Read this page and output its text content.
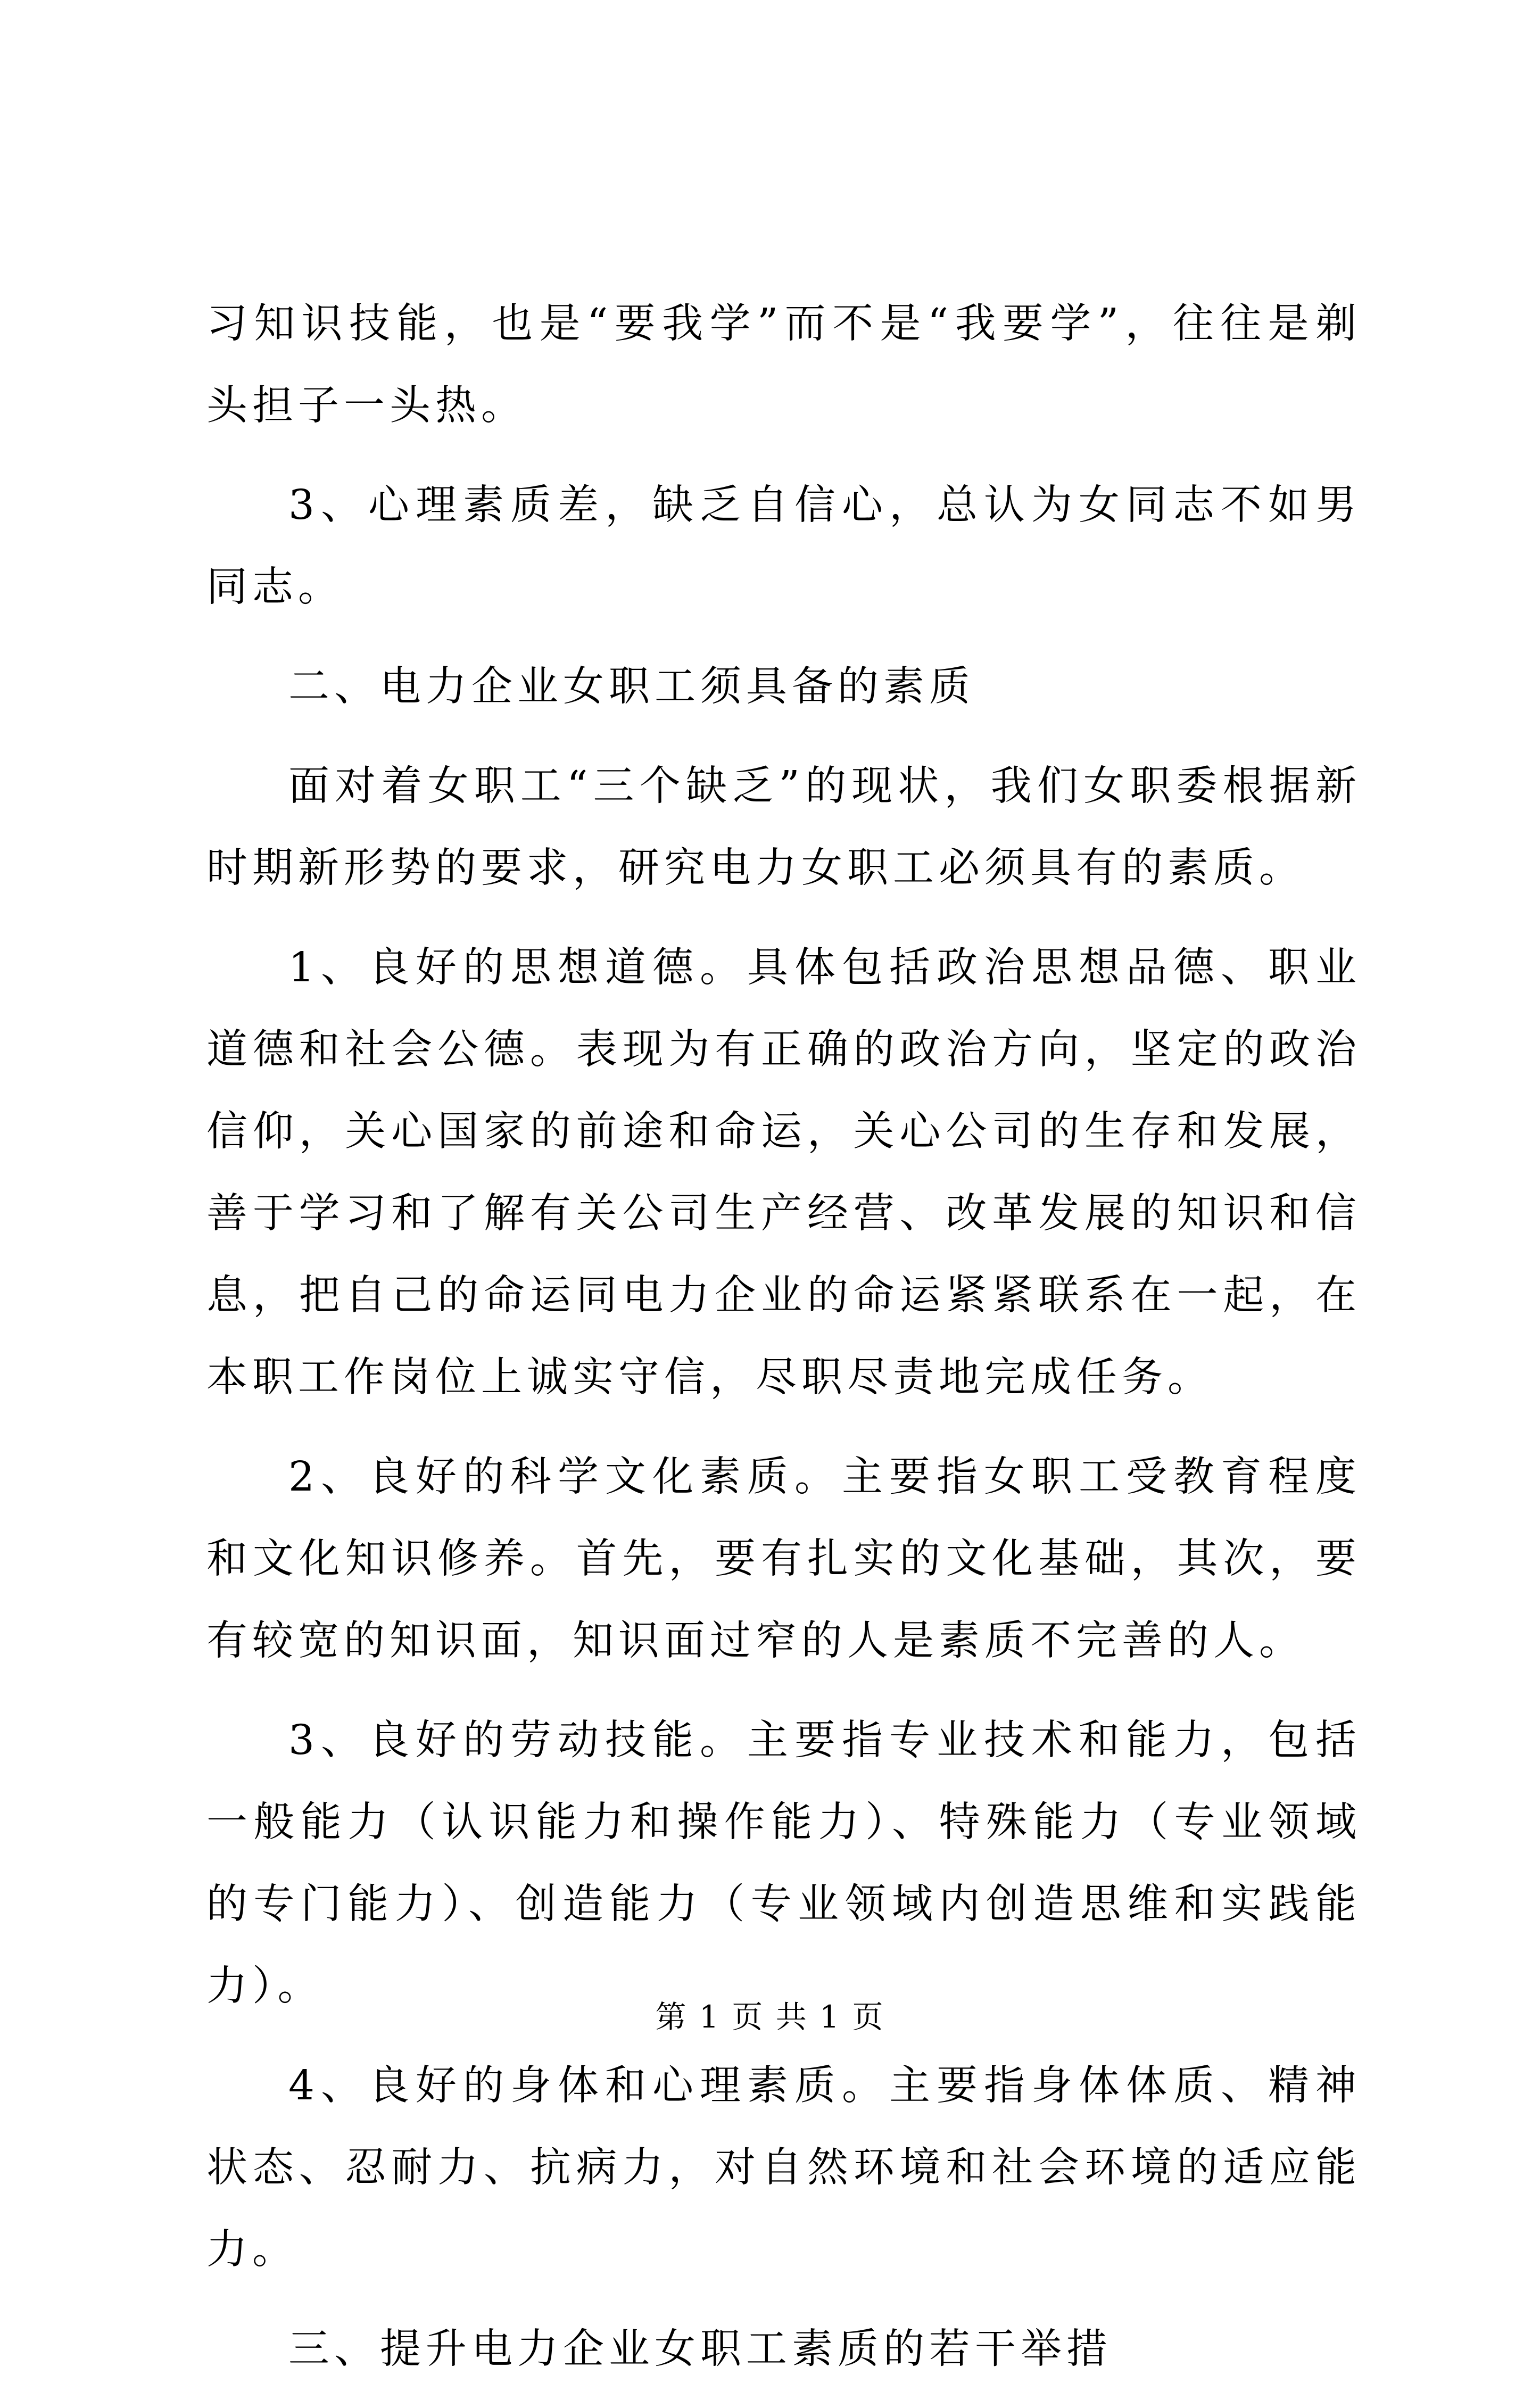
习知识技能，也是“要我学”而不是“我要学”，往往是剃头担子一头热。

3、心理素质差，缺乏自信心，总认为女同志不如男同志。

二、电力企业女职工须具备的素质

面对着女职工“三个缺乏”的现状，我们女职委根据新时期新形势的要求，研究电力女职工必须具有的素质。

1、良好的思想道德。具体包括政治思想品德、职业道德和社会公德。表现为有正确的政治方向，坚定的政治信仰，关心国家的前途和命运，关心公司的生存和发展，善于学习和了解有关公司生产经营、改革发展的知识和信息，把自己的命运同电力企业的命运紧紧联系在一起，在本职工作岗位上诚实守信，尽职尽责地完成任务。

2、良好的科学文化素质。主要指女职工受教育程度和文化知识修养。首先，要有扎实的文化基础，其次，要有较宽的知识面，知识面过窄的人是素质不完善的人。

3、良好的劳动技能。主要指专业技术和能力，包括一般能力（认识能力和操作能力）、特殊能力（专业领域的专门能力）、创造能力（专业领域内创造思维和实践能力）。

4、良好的身体和心理素质。主要指身体体质、精神状态、忍耐力、抗病力，对自然环境和社会环境的适应能力。

三、提升电力企业女职工素质的若干举措

第 1 页 共 1 页
